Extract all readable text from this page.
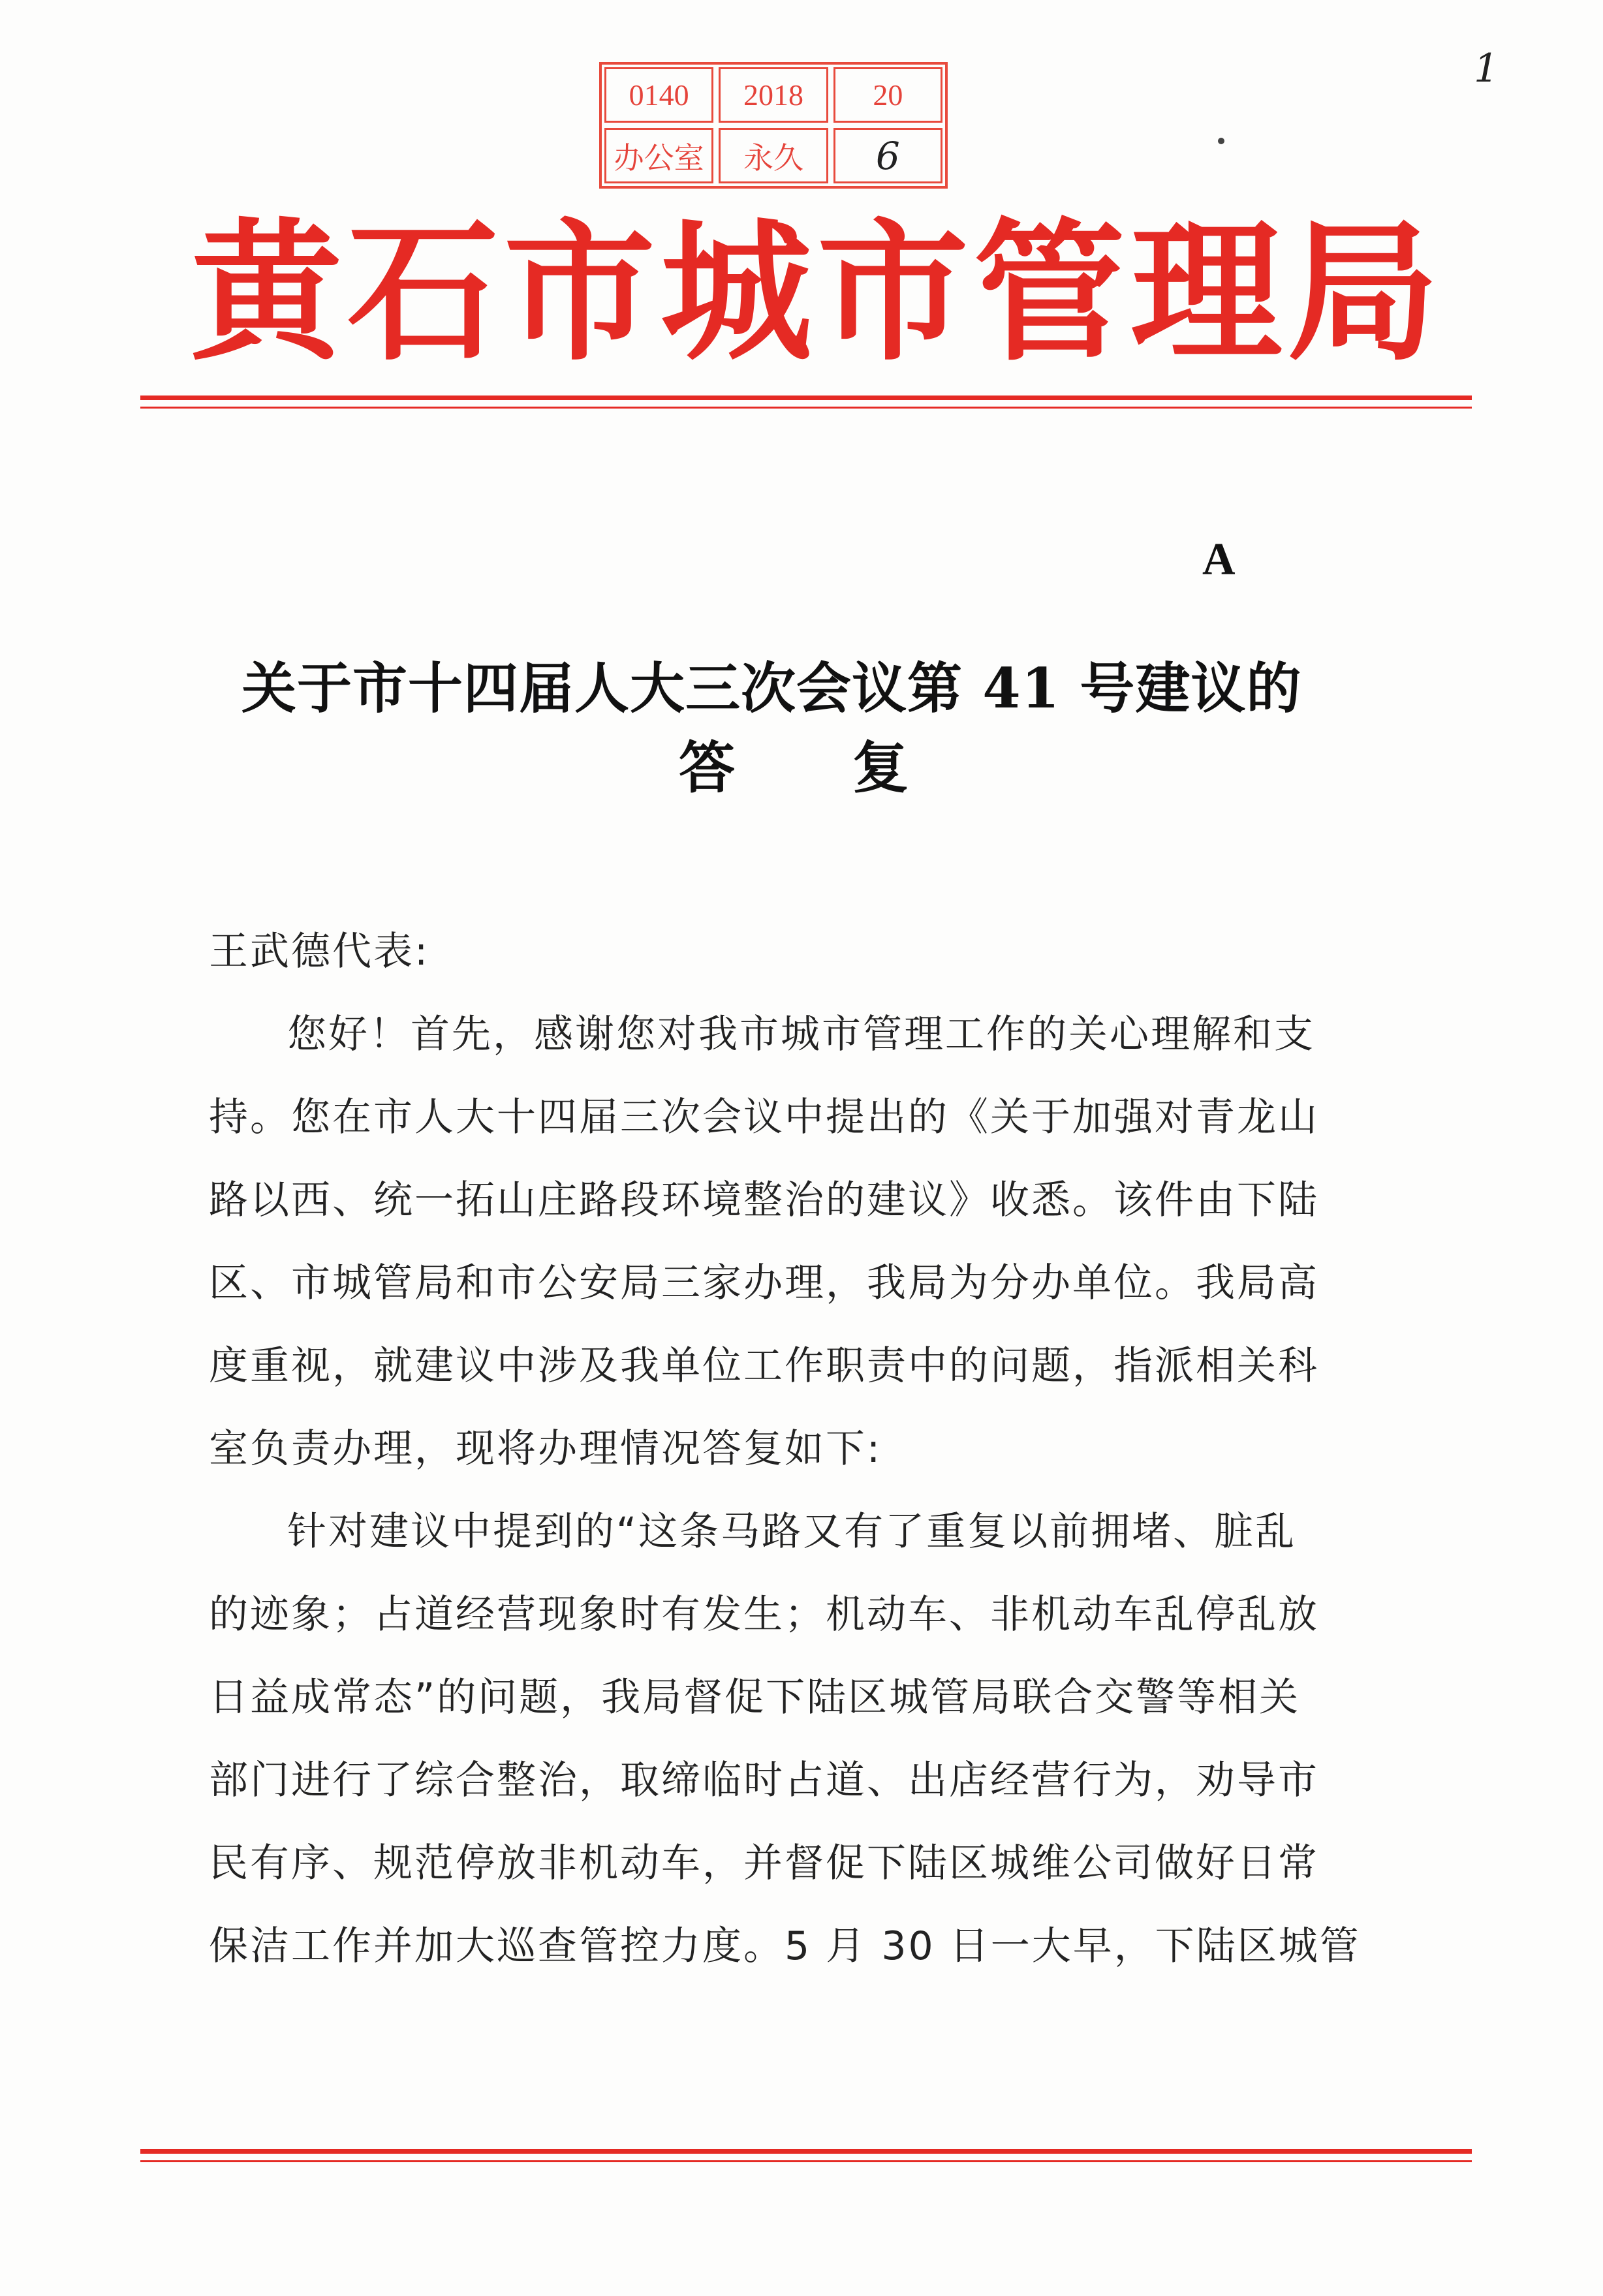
0140	2018	20
办公室	永久	6
1
黄石市城市管理局
A
关于市十四届人大三次会议第 41 号建议的
答复
王武德代表:
您好！首先，感谢您对我市城市管理工作的关心理解和支
持。您在市人大十四届三次会议中提出的《关于加强对青龙山
路以西、统一拓山庄路段环境整治的建议》收悉。该件由下陆
区、市城管局和市公安局三家办理，我局为分办单位。我局高
度重视，就建议中涉及我单位工作职责中的问题，指派相关科
室负责办理，现将办理情况答复如下:
针对建议中提到的“这条马路又有了重复以前拥堵、脏乱
的迹象；占道经营现象时有发生；机动车、非机动车乱停乱放
日益成常态”的问题，我局督促下陆区城管局联合交警等相关
部门进行了综合整治，取缔临时占道、出店经营行为，劝导市
民有序、规范停放非机动车，并督促下陆区城维公司做好日常
保洁工作并加大巡查管控力度。5 月 30 日一大早，下陆区城管
